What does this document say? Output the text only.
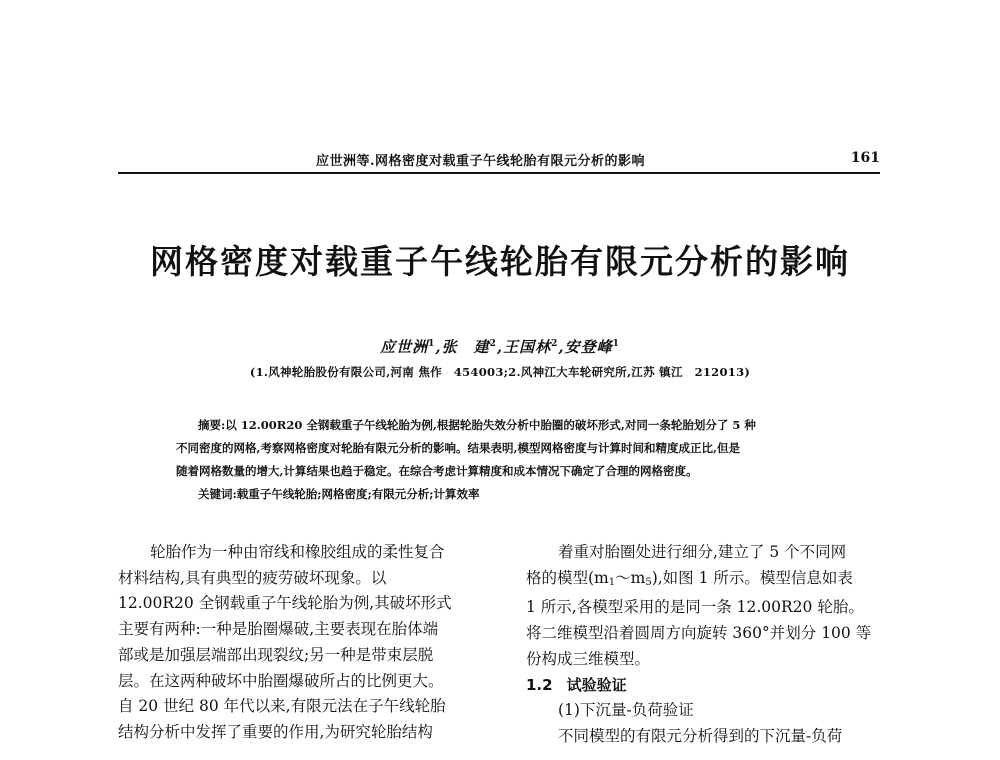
应世洲等.网格密度对载重子午线轮胎有限元分析的影响	161
网格密度对载重子午线轮胎有限元分析的影响
应世洲$^1$,张　建$^2$,王国林$^2$,安登峰$^1$
(1.风神轮胎股份有限公司,河南 焦作　454003;2.风神江大车轮研究所,江苏 镇江　212013)
摘要:以 12.00R20 全钢载重子午线轮胎为例,根据轮胎失效分析中胎圈的破坏形式,对同一条轮胎划分了 5 种
不同密度的网格,考察网格密度对轮胎有限元分析的影响。结果表明,模型网格密度与计算时间和精度成正比,但是
随着网格数量的增大,计算结果也趋于稳定。在综合考虑计算精度和成本情况下确定了合理的网格密度。
关键词:载重子午线轮胎;网格密度;有限元分析;计算效率
轮胎作为一种由帘线和橡胶组成的柔性复合
材料结构,具有典型的疲劳破坏现象。以
12.00R20 全钢载重子午线轮胎为例,其破坏形式
主要有两种:一种是胎圈爆破,主要表现在胎体端
部或是加强层端部出现裂纹;另一种是带束层脱
层。在这两种破坏中胎圈爆破所占的比例更大。
自 20 世纪 80 年代以来,有限元法在子午线轮胎
结构分析中发挥了重要的作用,为研究轮胎结构
着重对胎圈处进行细分,建立了 5 个不同网
格的模型$(m_1\sim m_5)$,如图 1 所示。模型信息如表
1 所示,各模型采用的是同一条 12.00R20 轮胎。
将二维模型沿着圆周方向旋转 360°并划分 100 等
份构成三维模型。
1.2 试验验证
(1)下沉量-负荷验证
不同模型的有限元分析得到的下沉量-负荷
